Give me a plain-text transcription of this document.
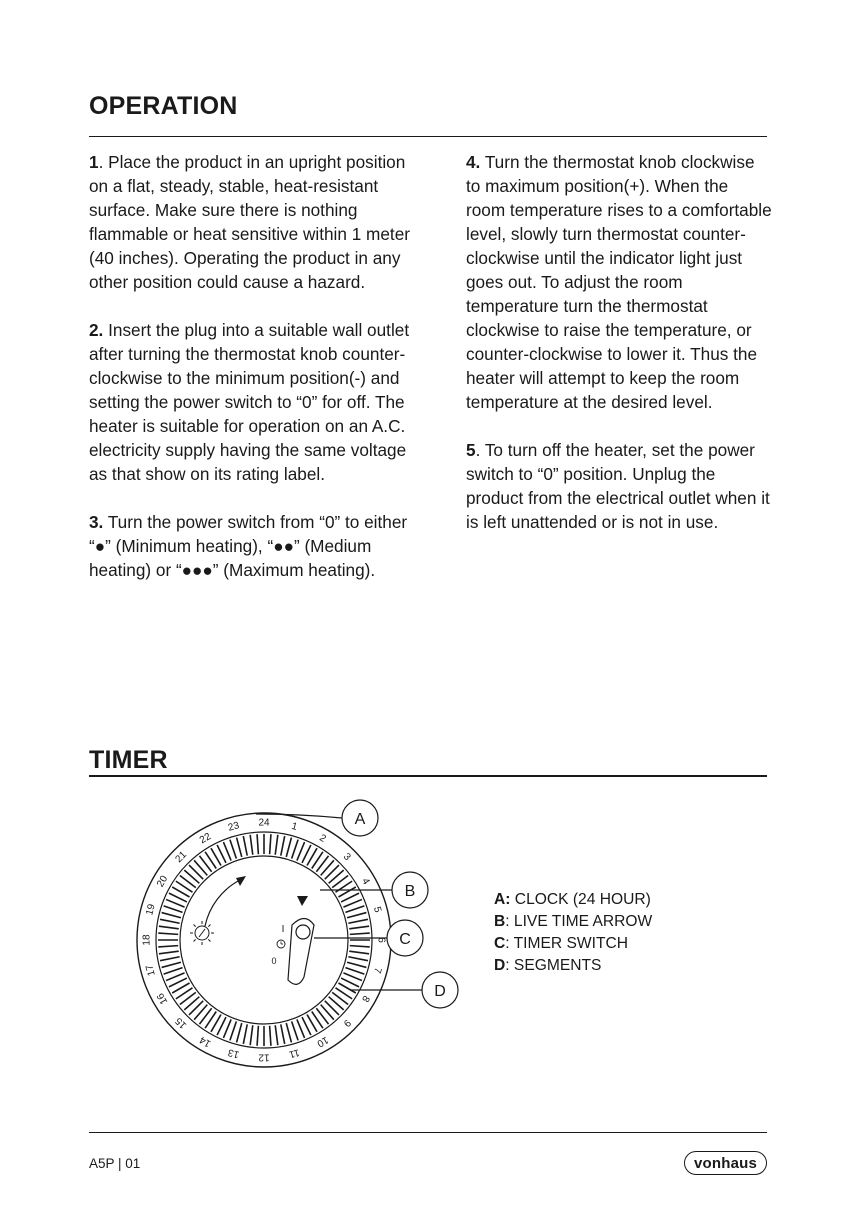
OPERATION

1. Place the product in an upright position on a flat, steady, stable, heat-resistant surface. Make sure there is nothing flammable or heat sensitive within 1 meter (40 inches). Operating the product in any other position could cause a hazard.

2. Insert the plug into a suitable wall outlet after turning the thermostat knob counter-clockwise to the minimum position(-) and setting the power switch to “0” for off. The heater is suitable for operation on an A.C. electricity supply having the same voltage as that show on its rating label.

3. Turn the power switch from “0” to either “●” (Minimum heating), “●●” (Medium heating) or “●●●” (Maximum heating).

4. Turn the thermostat knob clockwise to maximum position(+). When the room temperature rises to a comfortable level, slowly turn thermostat counter-clockwise until the indicator light just goes out. To adjust the room temperature turn the thermostat clockwise to raise the temperature, or counter-clockwise to lower it. Thus the heater will attempt to keep the room temperature at the desired level.

5. To turn off the heater, set the power switch to “0” position. Unplug the product from the electrical outlet when it is left unattended or is not in use.

TIMER
24 1
2
3
4
5
6
7
8
9
10
11
12
13
14
15
16
17
18
19
20
21
22
23
I
0
A
B
C
D
A: CLOCK (24 HOUR)
B: LIVE TIME ARROW
C: TIMER SWITCH
D: SEGMENTS
A5P | 01	vonhaus
